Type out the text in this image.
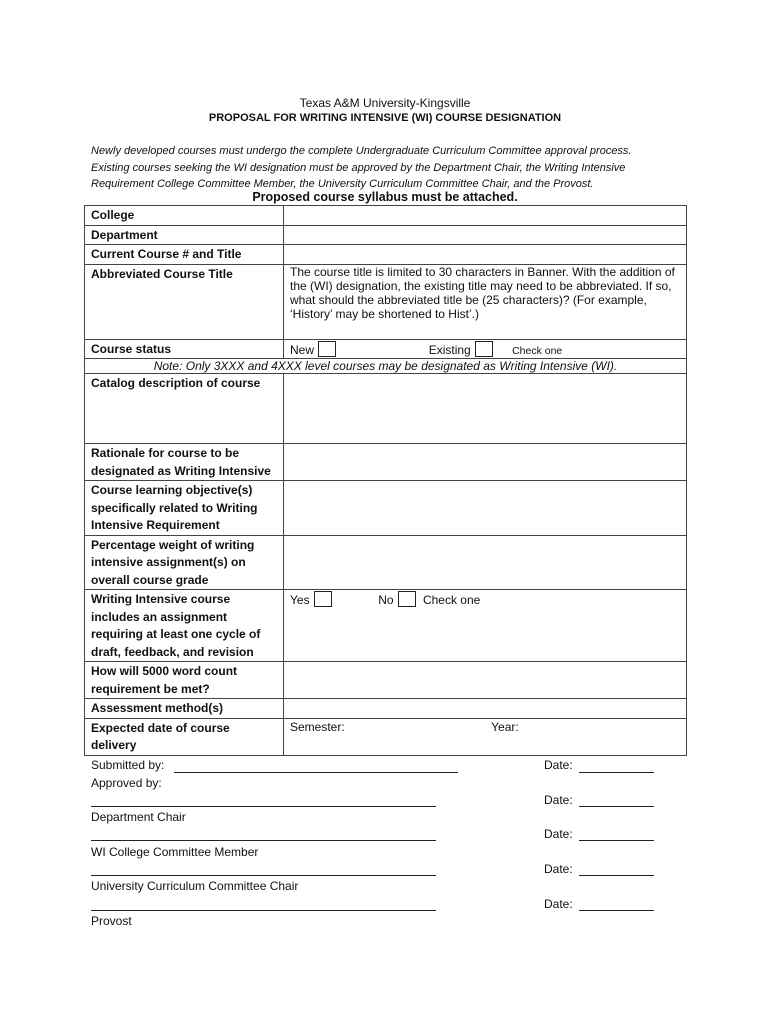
Texas A&M University-Kingsville
PROPOSAL FOR WRITING INTENSIVE (WI) COURSE DESIGNATION
Newly developed courses must undergo the complete Undergraduate Curriculum Committee approval process.
Existing courses seeking the WI designation must be approved by the Department Chair, the Writing Intensive
Requirement College Committee Member, the University Curriculum Committee Chair, and the Provost.
Proposed course syllabus must be attached.
College	
Department	
Current Course # and Title	
Abbreviated Course Title	The course title is limited to 30 characters in Banner. With the addition of the (WI) designation, the existing title may need to be abbreviated. If so, what should the abbreviated title be (25 characters)? (For example, ‘History’ may be shortened to Hist’.)
Course status	New Existing Check one
Note: Only 3XXX and 4XXX level courses may be designated as Writing Intensive (WI).	
Catalog description of course	

Rationale for course to be
designated as Writing Intensive	

Course learning objective(s)
specifically related to Writing
Intensive Requirement	

Percentage weight of writing
intensive assignment(s) on
overall course grade	

Writing Intensive course
includes an assignment
requiring at least one cycle of
draft, feedback, and revision	Yes No Check one

How will 5000 word count
requirement be met?	

Assessment method(s)	

Expected date of course
delivery	Semester: Year:
Submitted by:	Date:
Approved by:
Date:
Department Chair
Date:
WI College Committee Member
Date:
University Curriculum Committee Chair
Date:
Provost
